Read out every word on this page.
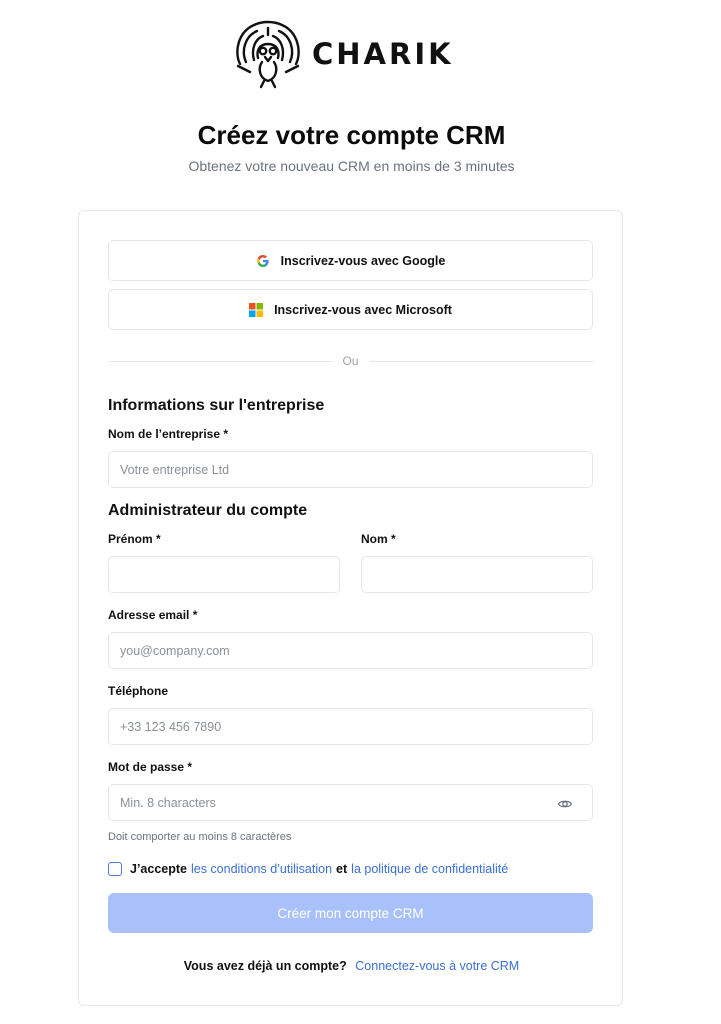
CHARIK
Créez votre compte CRM

Obtenez votre nouveau CRM en moins de 3 minutes

Inscrivez-vous avec Google
Inscrivez-vous avec Microsoft
Ou
Informations sur l'entreprise
Nom de l’entreprise *
Votre entreprise Ltd
Administrateur du compte
Prénom *	Nom *
Adresse email *
you@company.com
Téléphone
+33 123 456 7890
Mot de passe *
Doit comporter au moins 8 caractères
J’accepte les conditions d’utilisation et la politique de confidentialité
Créer mon compte CRM
Vous avez déjà un compte? Connectez-vous à votre CRM
